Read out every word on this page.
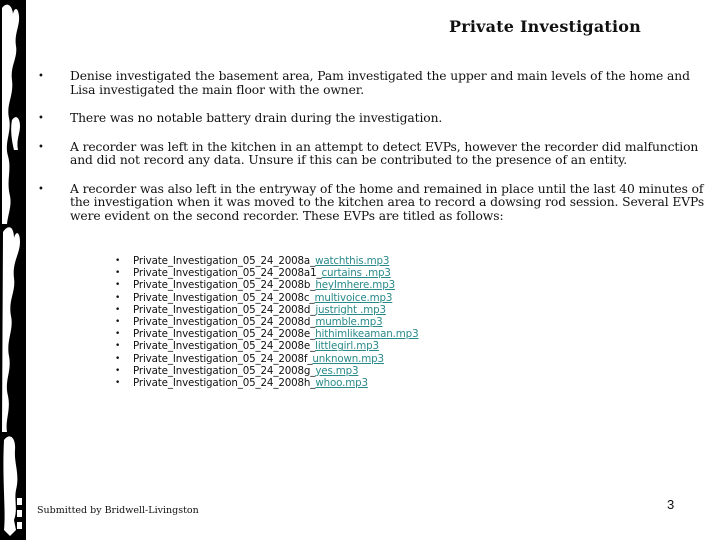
Private Investigation
• Denise investigated the basement area, Pam investigated the upper and main levels of the home and Lisa investigated the main floor with the owner.
• There was no notable battery drain during the investigation.
• A recorder was left in the kitchen in an attempt to detect EVPs, however the recorder did malfunction and did not record any data. Unsure if this can be contributed to the presence of an entity.
• A recorder was also left in the entryway of the home and remained in place until the last 40 minutes of the investigation when it was moved to the kitchen area to record a dowsing rod session. Several EVPs were evident on the second recorder. These EVPs are titled as follows:
• Private_Investigation_05_24_2008a_watchthis.mp3
• Private_Investigation_05_24_2008a1_curtains .mp3
• Private_Investigation_05_24_2008b_heyImhere.mp3
• Private_Investigation_05_24_2008c_multivoice.mp3
• Private_Investigation_05_24_2008d_justright .mp3
• Private_Investigation_05_24_2008d_mumble.mp3
• Private_Investigation_05_24_2008e_hithimlikeaman.mp3
• Private_Investigation_05_24_2008e_littlegirl.mp3
• Private_Investigation_05_24_2008f_unknown.mp3
• Private_Investigation_05_24_2008g_yes.mp3
• Private_Investigation_05_24_2008h_whoo.mp3
Submitted by Bridwell-Livingston	3
